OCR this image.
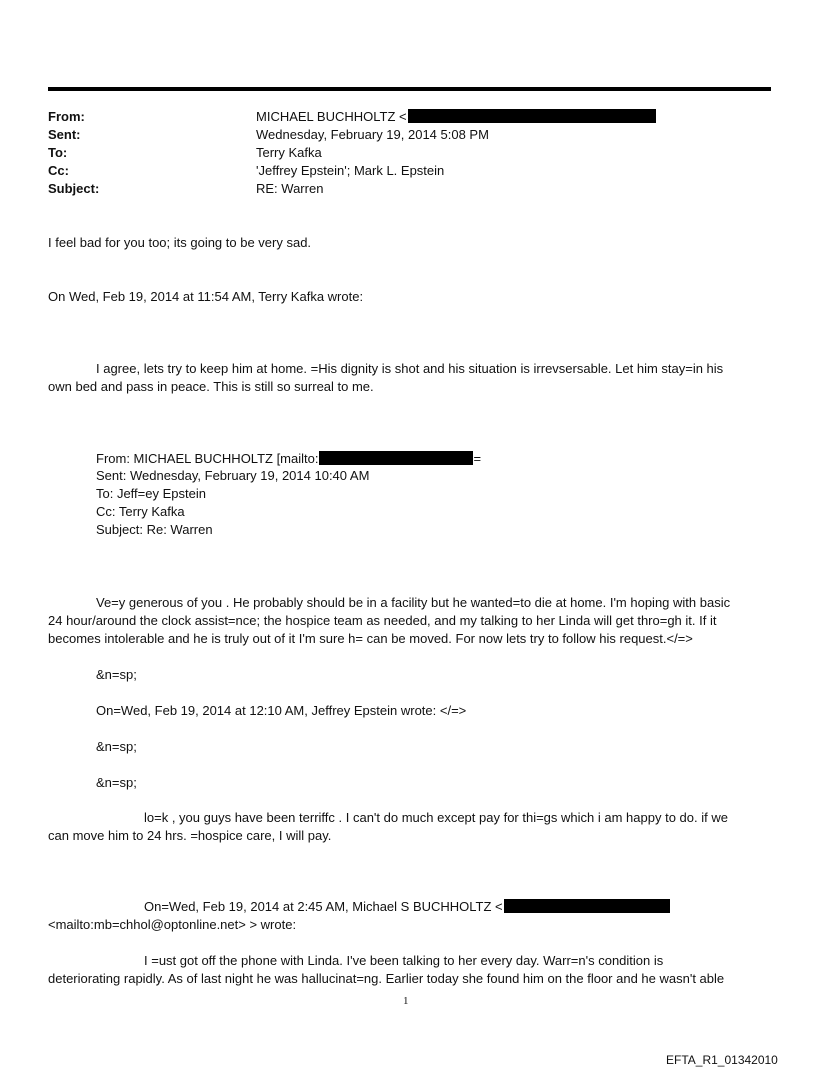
From:	MICHAEL BUCHHOLTZ <
Sent:	Wednesday, February 19, 2014 5:08 PM
To:	Terry Kafka
Cc:	'Jeffrey Epstein'; Mark L. Epstein
Subject:	RE: Warren
I feel bad for you too; its going to be very sad.
On Wed, Feb 19, 2014 at 11:54 AM, Terry Kafka wrote:
I agree, lets try to keep him at home. =His dignity is shot and his situation is irrevsersable. Let him stay=in his
own bed and pass in peace. This is still so surreal to me.
From: MICHAEL BUCHHOLTZ [mailto:	=
Sent: Wednesday, February 19, 2014 10:40 AM
To: Jeff=ey Epstein
Cc: Terry Kafka
Subject: Re: Warren
Ve=y generous of you . He probably should be in a facility but he wanted=to die at home. I'm hoping with basic
24 hour/around the clock assist=nce; the hospice team as needed, and my talking to her Linda will get thro=gh it. If it
becomes intolerable and he is truly out of it I'm sure h= can be moved. For now lets try to follow his request.</=>
&n=sp;
On=Wed, Feb 19, 2014 at 12:10 AM, Jeffrey Epstein wrote: </=>
&n=sp;
&n=sp;
lo=k , you guys have been terriffc . I can't do much except pay for thi=gs which i am happy to do. if we
can move him to 24 hrs. =hospice care, I will pay.
On=Wed, Feb 19, 2014 at 2:45 AM, Michael S BUCHHOLTZ <
<mailto:mb=chhol@optonline.net> > wrote:
I =ust got off the phone with Linda. I've been talking to her every day. Warr=n's condition is
deteriorating rapidly. As of last night he was hallucinat=ng. Earlier today she found him on the floor and he wasn't able
1
EFTA_R1_01342010
